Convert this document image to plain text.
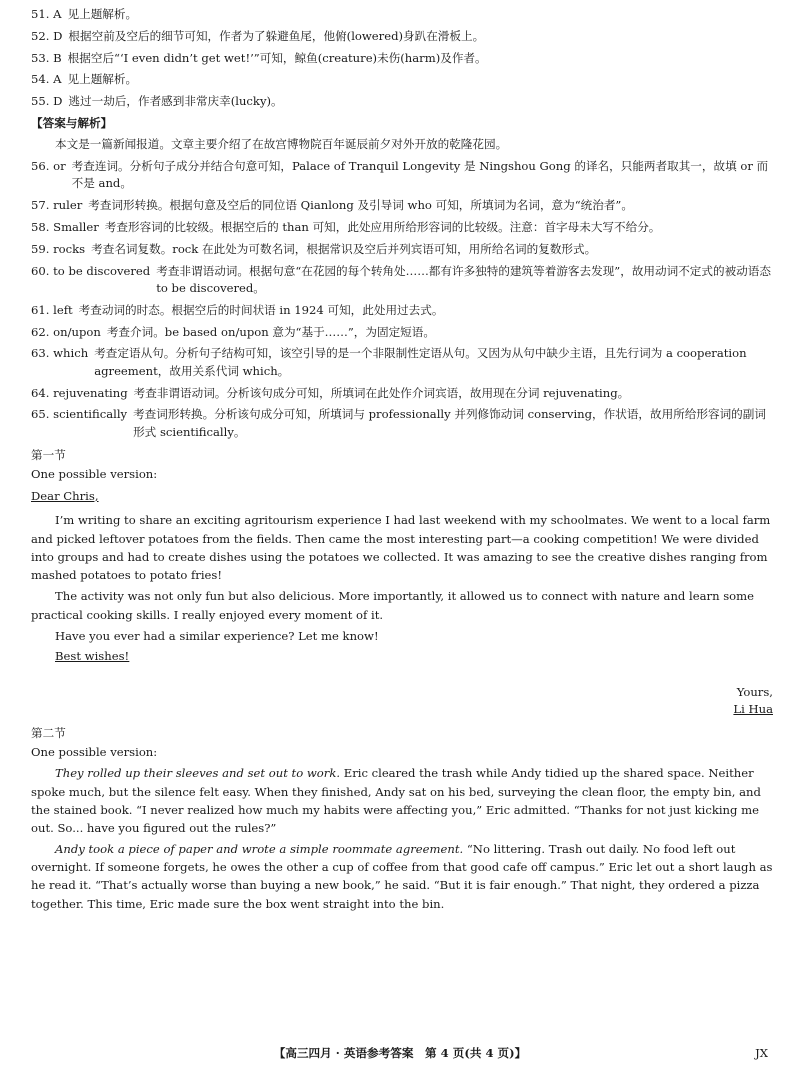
51. A 见上题解析。
52. D 根据空前及空后的细节可知，作者为了躲避鱼尾，他俯(lowered)身趴在滑板上。
53. B 根据空后“‘I even didn’t get wet!’”可知，鲸鱼(creature)未伤(harm)及作者。
54. A 见上题解析。
55. D 逃过一劫后，作者感到非常庆幸(lucky)。
【答案与解析】
本文是一篇新闻报道。文章主要介绍了在故宫博物院百年诞辰前夕对外开放的乾隆花园。
56. or 考查连词。分析句子成分并结合句意可知，Palace of Tranquil Longevity 是 Ningshou Gong 的译名，只能两者取其一，故填 or 而不是 and。
57. ruler 考查词形转换。根据句意及空后的同位语 Qianlong 及引导词 who 可知，所填词为名词，意为“统治者”。
58. Smaller 考查形容词的比较级。根据空后的 than 可知，此处应用所给形容词的比较级。注意：首字母未大写不给分。
59. rocks 考查名词复数。rock 在此处为可数名词，根据常识及空后并列宾语可知，用所给名词的复数形式。
60. to be discovered 考查非谓语动词。根据句意“在花园的每个转角处……都有许多独特的建筑等着游客去发现”，故用动词不定式的被动语态 to be discovered。
61. left 考查动词的时态。根据空后的时间状语 in 1924 可知，此处用过去式。
62. on/upon 考查介词。be based on/upon 意为“基于……”，为固定短语。
63. which 考查定语从句。分析句子结构可知，该空引导的是一个非限制性定语从句。又因为从句中缺少主语，且先行词为 a cooperation agreement，故用关系代词 which。
64. rejuvenating 考查非谓语动词。分析该句成分可知，所填词在此处作介词宾语，故用现在分词 rejuvenating。
65. scientifically 考查词形转换。分析该句成分可知，所填词与 professionally 并列修饰动词 conserving，作状语，故用所给形容词的副词形式 scientifically。
第一节
One possible version:
Dear Chris,
I’m writing to share an exciting agritourism experience I had last weekend with my schoolmates. We went to a local farm and picked leftover potatoes from the fields. Then came the most interesting part—a cooking competition! We were divided into groups and had to create dishes using the potatoes we collected. It was amazing to see the creative dishes ranging from mashed potatoes to potato fries!
The activity was not only fun but also delicious. More importantly, it allowed us to connect with nature and learn some practical cooking skills. I really enjoyed every moment of it.
Have you ever had a similar experience? Let me know!
Best wishes!
Yours,
Li Hua
第二节
One possible version:
They rolled up their sleeves and set out to work. Eric cleared the trash while Andy tidied up the shared space. Neither spoke much, but the silence felt easy. When they finished, Andy sat on his bed, surveying the clean floor, the empty bin, and the stained book. “I never realized how much my habits were affecting you,” Eric admitted. “Thanks for not just kicking me out. So... have you figured out the rules?”
Andy took a piece of paper and wrote a simple roommate agreement. “No littering. Trash out daily. No food left out overnight. If someone forgets, he owes the other a cup of coffee from that good cafe off campus.” Eric let out a short laugh as he read it. “That’s actually worse than buying a new book,” he said. “But it is fair enough.” That night, they ordered a pizza together. This time, Eric made sure the box went straight into the bin.
【高三四月 · 英语参考答案　第 4 页(共 4 页)】	JX
